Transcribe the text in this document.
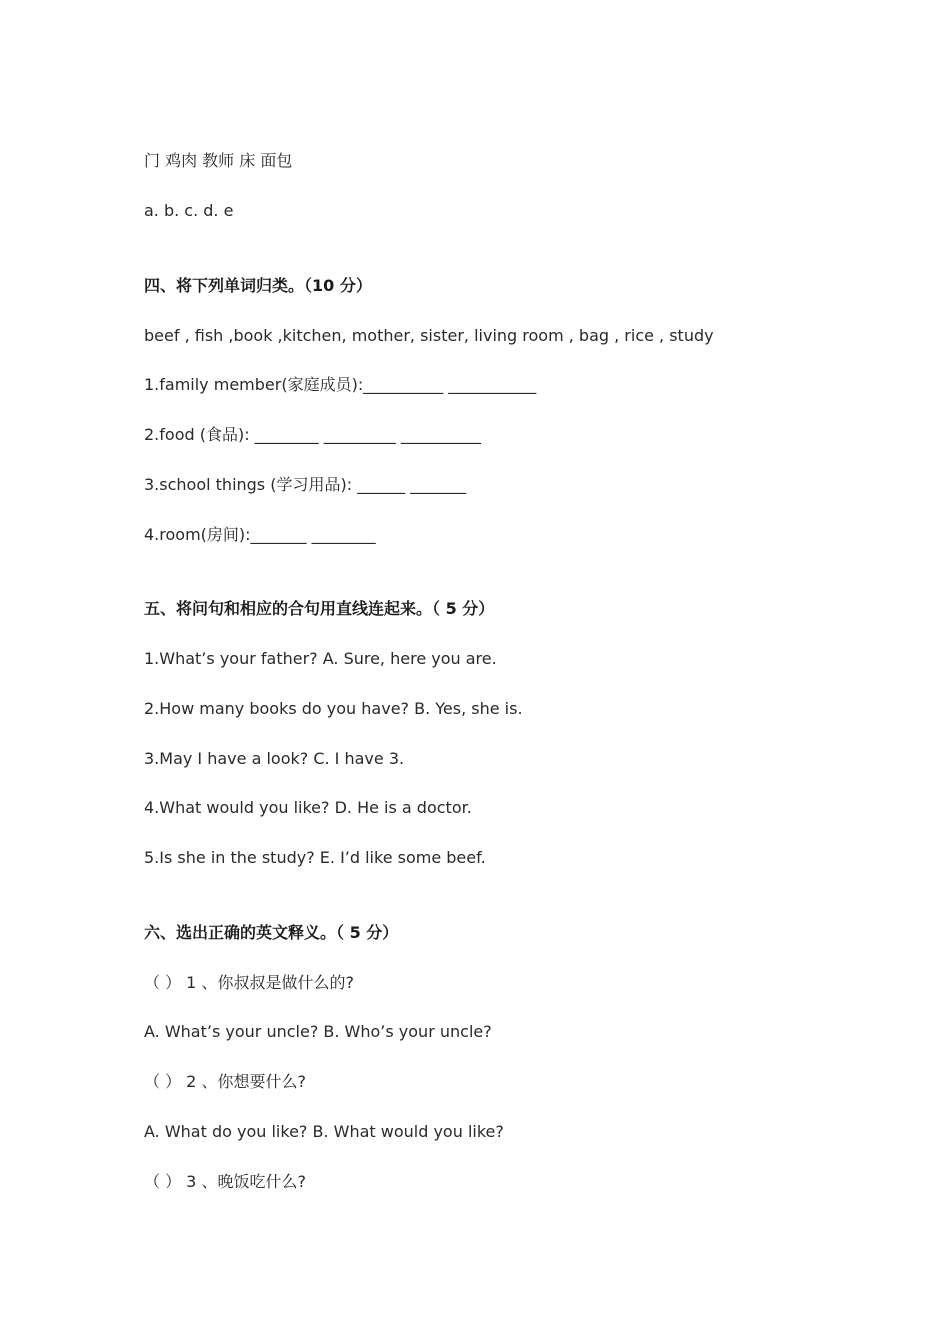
门 鸡肉 教师 床 面包
a. b. c. d. e
四、将下列单词归类。（10 分）
beef , fish ,book ,kitchen, mother, sister, living room , bag , rice , study
1.family member(家庭成员):__________ ___________
2.food (食品): ________ _________ __________
3.school things (学习用品): ______ _______
4.room(房间):_______ ________
五、将问句和相应的合句用直线连起来。（ 5 分）
1.What’s your father? A. Sure, here you are.
2.How many books do you have? B. Yes, she is.
3.May I have a look? C. I have 3.
4.What would you like? D. He is a doctor.
5.Is she in the study? E. I’d like some beef.
六、选出正确的英文释义。（ 5 分）
（ ） 1 、你叔叔是做什么的?
A. What’s your uncle? B. Who’s your uncle?
（ ） 2 、你想要什么?
A. What do you like? B. What would you like?
（ ） 3 、晚饭吃什么?
